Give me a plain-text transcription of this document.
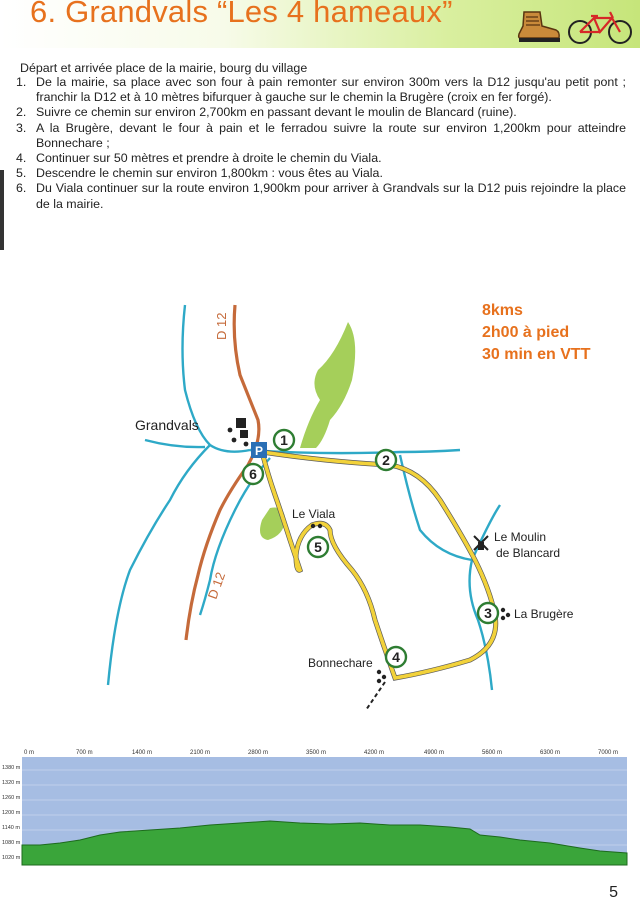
6. Grandvals “Les 4 hameaux”
Départ et arrivée place de la mairie, bourg du village
1. De la mairie, sa place avec son four à pain remonter sur environ 300m vers la D12 jusqu'au petit pont ; franchir la D12 et à 10 mètres bifurquer à gauche sur le chemin la Brugère (croix en fer forgé).
2. Suivre ce chemin sur environ 2,700km en passant devant le moulin de Blancard (ruine).
3. A la Brugère, devant le four à pain et le ferradou suivre la route sur environ 1,200km pour atteindre Bonnechare ;
4. Continuer sur 50 mètres et prendre à droite le chemin du Viala.
5. Descendre le chemin sur environ 1,800km : vous êtes au Viala.
6. Du Viala continuer sur la route environ 1,900km pour arriver à Grandvals sur la D12 puis rejoindre la place de la mairie.
D 12
D 12
Grandvals
P
Le Viala
Le Moulin
de Blancard
La Brugère
Bonnechare
1
2
3
4
5
6
8kms
2h00 à pied
30 min en VTT
0 m	700 m	1400 m	2100 m	2800 m	3500 m	4200 m	4900 m	5600 m	6300 m	7000 m
1380 m
1320 m
1260 m
1200 m
1140 m
1080 m
1020 m
5
